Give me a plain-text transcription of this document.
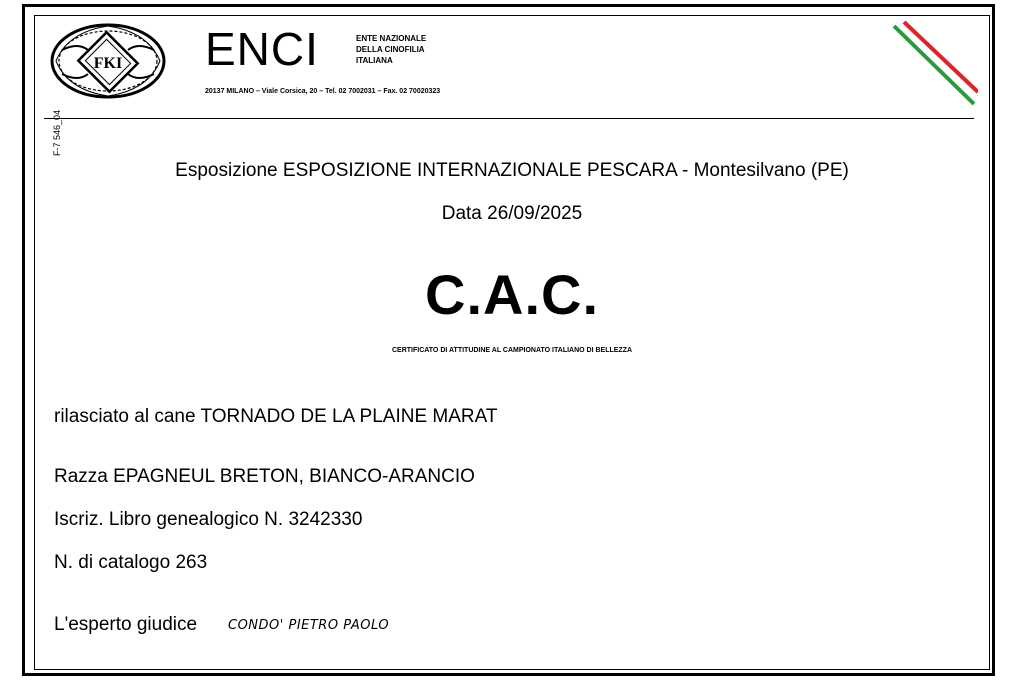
FKI ENCI	ENTE NAZIONALE
DELLA CINOFILIA
ITALIANA
20137 MILANO – Viale Corsica, 20 – Tel. 02 7002031 – Fax. 02 70020323
F-7 546_04
Esposizione ESPOSIZIONE INTERNAZIONALE PESCARA - Montesilvano (PE)
Data 26/09/2025
C.A.C.
CERTIFICATO DI ATTITUDINE AL CAMPIONATO ITALIANO DI BELLEZZA
rilasciato al cane TORNADO DE LA PLAINE MARAT
Razza EPAGNEUL BRETON, BIANCO-ARANCIO
Iscriz. Libro genealogico N. 3242330
N. di catalogo 263
L'esperto giudice CONDO' PIETRO PAOLO
